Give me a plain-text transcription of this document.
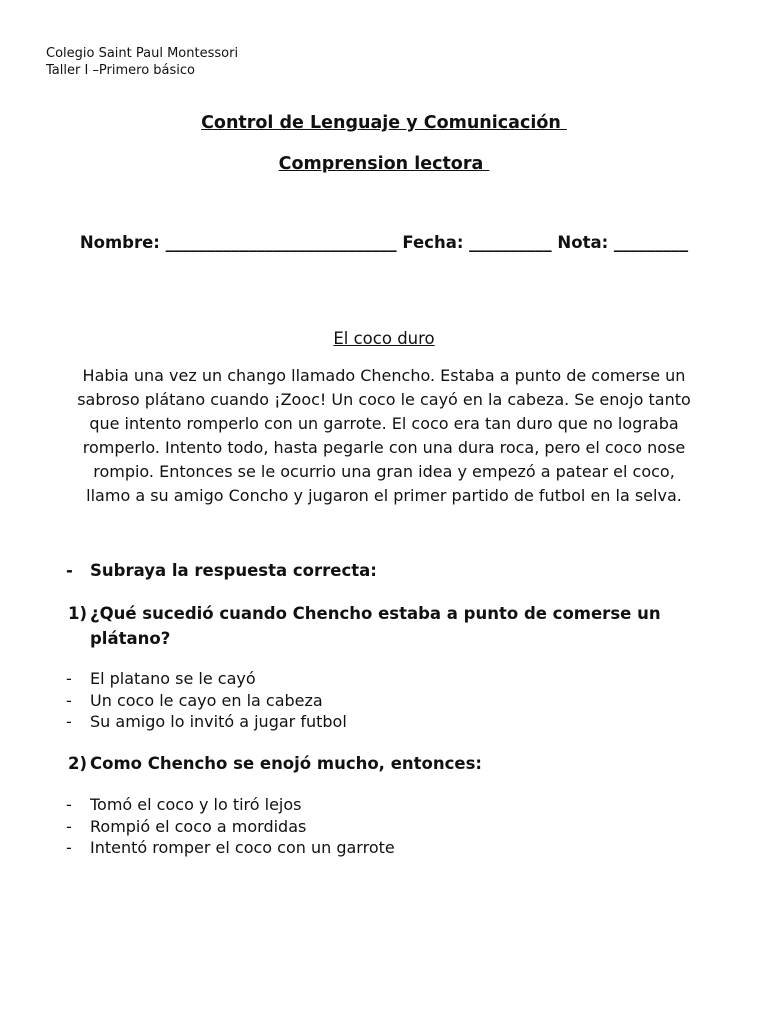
Colegio Saint Paul Montessori
Taller I –Primero básico
Control de Lenguaje y Comunicación
Comprension lectora
Nombre: ____________________________ Fecha: __________ Nota: _________
El coco duro
Habia una vez un chango llamado Chencho. Estaba a punto de comerse un
sabroso plátano cuando ¡Zooc! Un coco le cayó en la cabeza. Se enojo tanto
que intento romperlo con un garrote. El coco era tan duro que no lograba
romperlo. Intento todo, hasta pegarle con una dura roca, pero el coco nose
rompio. Entonces se le ocurrio una gran idea y empezó a patear el coco,
llamo a su amigo Concho y jugaron el primer partido de futbol en la selva.
- Subraya la respuesta correcta:
1) ¿Qué sucedió cuando Chencho estaba a punto de comerse un plátano?
- El platano se le cayó
- Un coco le cayo en la cabeza
- Su amigo lo invitó a jugar futbol
2) Como Chencho se enojó mucho, entonces:
- Tomó el coco y lo tiró lejos
- Rompió el coco a mordidas
- Intentó romper el coco con un garrote
